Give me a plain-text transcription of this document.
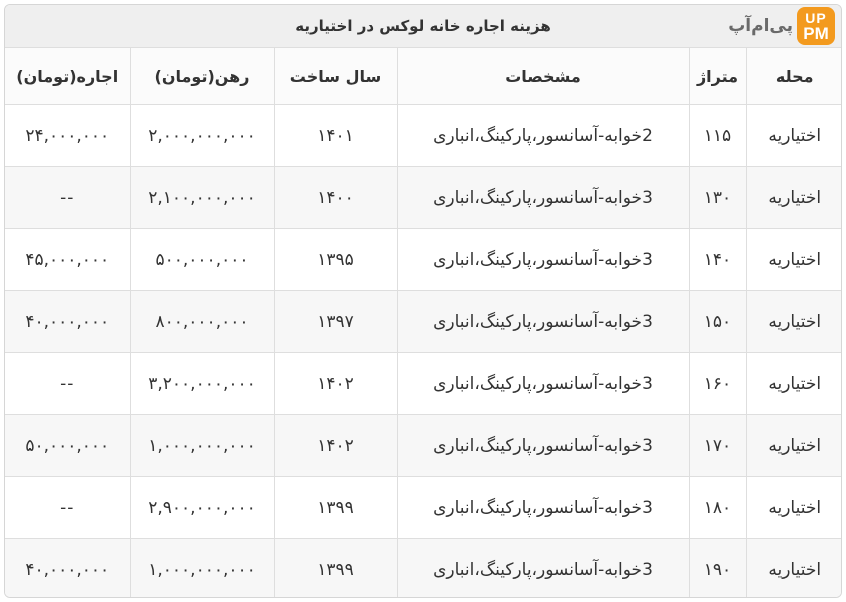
هزینه اجاره خانه لوکس در اختیاریه	پی‌ام‌آپ UP
PM
محله	متراژ	مشخصات	سال ساخت	رهن(تومان)	اجاره(تومان)
اختیاریه	۱۱۵	2خوابه-آسانسور،پارکینگ،انباری	۱۴۰۱	۲,۰۰۰,۰۰۰,۰۰۰	۲۴,۰۰۰,۰۰۰
اختیاریه	۱۳۰	3خوابه-آسانسور،پارکینگ،انباری	۱۴۰۰	۲,۱۰۰,۰۰۰,۰۰۰	--
اختیاریه	۱۴۰	3خوابه-آسانسور،پارکینگ،انباری	۱۳۹۵	۵۰۰,۰۰۰,۰۰۰	۴۵,۰۰۰,۰۰۰
اختیاریه	۱۵۰	3خوابه-آسانسور،پارکینگ،انباری	۱۳۹۷	۸۰۰,۰۰۰,۰۰۰	۴۰,۰۰۰,۰۰۰
اختیاریه	۱۶۰	3خوابه-آسانسور،پارکینگ،انباری	۱۴۰۲	۳,۲۰۰,۰۰۰,۰۰۰	--
اختیاریه	۱۷۰	3خوابه-آسانسور،پارکینگ،انباری	۱۴۰۲	۱,۰۰۰,۰۰۰,۰۰۰	۵۰,۰۰۰,۰۰۰
اختیاریه	۱۸۰	3خوابه-آسانسور،پارکینگ،انباری	۱۳۹۹	۲,۹۰۰,۰۰۰,۰۰۰	--
اختیاریه	۱۹۰	3خوابه-آسانسور،پارکینگ،انباری	۱۳۹۹	۱,۰۰۰,۰۰۰,۰۰۰	۴۰,۰۰۰,۰۰۰
